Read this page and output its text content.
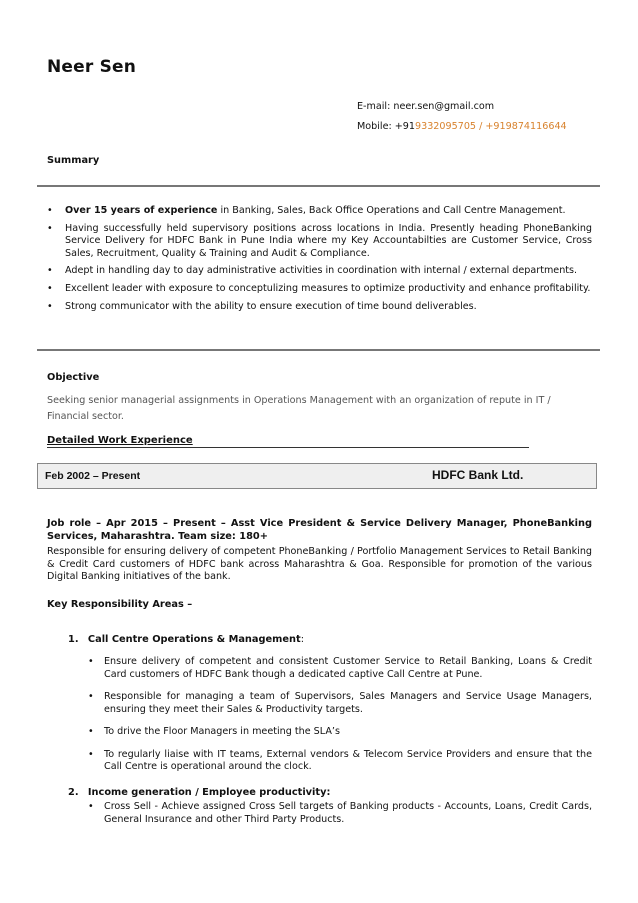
Neer Sen
E-mail: neer.sen@gmail.com
Mobile: +919332095705 / +919874116644
Summary
• Over 15 years of experience in Banking, Sales, Back Office Operations and Call Centre Management.
• Having successfully held supervisory positions across locations in India. Presently heading PhoneBanking Service Delivery for HDFC Bank in Pune India where my Key Accountabilties are Customer Service, Cross Sales, Recruitment, Quality & Training and Audit & Compliance.
• Adept in handling day to day administrative activities in coordination with internal / external departments.
• Excellent leader with exposure to conceptulizing measures to optimize productivity and enhance profitability.
• Strong communicator with the ability to ensure execution of time bound deliverables.
Objective
Seeking senior managerial assignments in Operations Management with an organization of repute in IT / Financial sector.
Detailed Work Experience
Feb 2002 – Present	HDFC Bank Ltd.
Job role – Apr 2015 – Present – Asst Vice President & Service Delivery Manager, PhoneBanking Services, Maharashtra. Team size: 180+
Responsible for ensuring delivery of competent PhoneBanking / Portfolio Management Services to Retail Banking & Credit Card customers of HDFC bank across Maharashtra & Goa. Responsible for promotion of the various Digital Banking initiatives of the bank.
Key Responsibility Areas –
1. Call Centre Operations & Management:
• Ensure delivery of competent and consistent Customer Service to Retail Banking, Loans & Credit Card customers of HDFC Bank though a dedicated captive Call Centre at Pune.
• Responsible for managing a team of Supervisors, Sales Managers and Service Usage Managers, ensuring they meet their Sales & Productivity targets.
• To drive the Floor Managers in meeting the SLA’s
• To regularly liaise with IT teams, External vendors & Telecom Service Providers and ensure that the Call Centre is operational around the clock.
2. Income generation / Employee productivity:
• Cross Sell - Achieve assigned Cross Sell targets of Banking products - Accounts, Loans, Credit Cards, General Insurance and other Third Party Products.
